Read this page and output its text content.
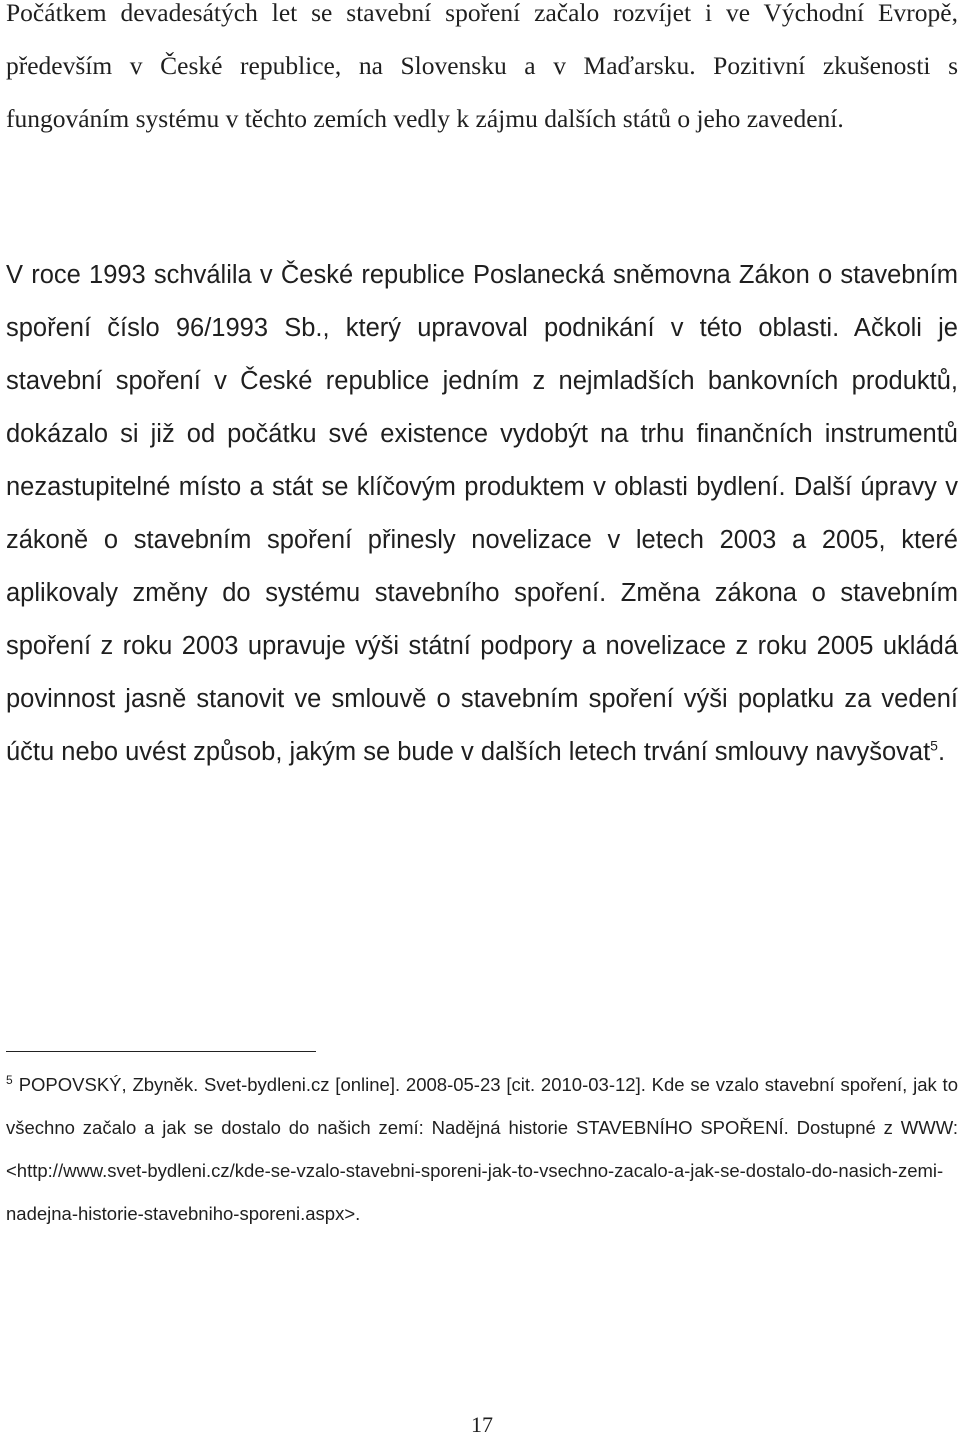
Počátkem devadesátých let se stavební spoření začalo rozvíjet i ve Východní Evropě, především v České republice, na Slovensku a v Maďarsku. Pozitivní zkušenosti s fungováním systému v těchto zemích vedly k zájmu dalších států o jeho zavedení.

V roce 1993 schválila v České republice Poslanecká sněmovna Zákon o stavebním spoření číslo 96/1993 Sb., který upravoval podnikání v této oblasti. Ačkoli je stavební spoření v České republice jedním z nejmladších bankovních produktů, dokázalo si již od počátku své existence vydobýt na trhu finančních instrumentů nezastupitelné místo a stát se klíčovým produktem v oblasti bydlení. Další úpravy v zákoně o stavebním spoření přinesly novelizace v letech 2003 a 2005, které aplikovaly změny do systému stavebního spoření. Změna zákona o stavebním spoření z roku 2003 upravuje výši státní podpory a novelizace z roku 2005 ukládá povinnost jasně stanovit ve smlouvě o stavebním spoření výši poplatku za vedení účtu nebo uvést způsob, jakým se bude v dalších letech trvání smlouvy navyšovat$^5$.

$^5$ POPOVSKÝ, Zbyněk. Svet-bydleni.cz [online]. 2008-05-23 [cit. 2010-03-12]. Kde se vzalo stavební spoření, jak to všechno začalo a jak se dostalo do našich zemí: Nadějná historie STAVEBNÍHO SPOŘENÍ. Dostupné z WWW: <http://www.svet-bydleni.cz/kde-se-vzalo-stavebni-sporeni-jak-to-vsechno-zacalo-a-jak-se-dostalo-do-nasich-zemi-nadejna-historie-stavebniho-sporeni.aspx>.

17
